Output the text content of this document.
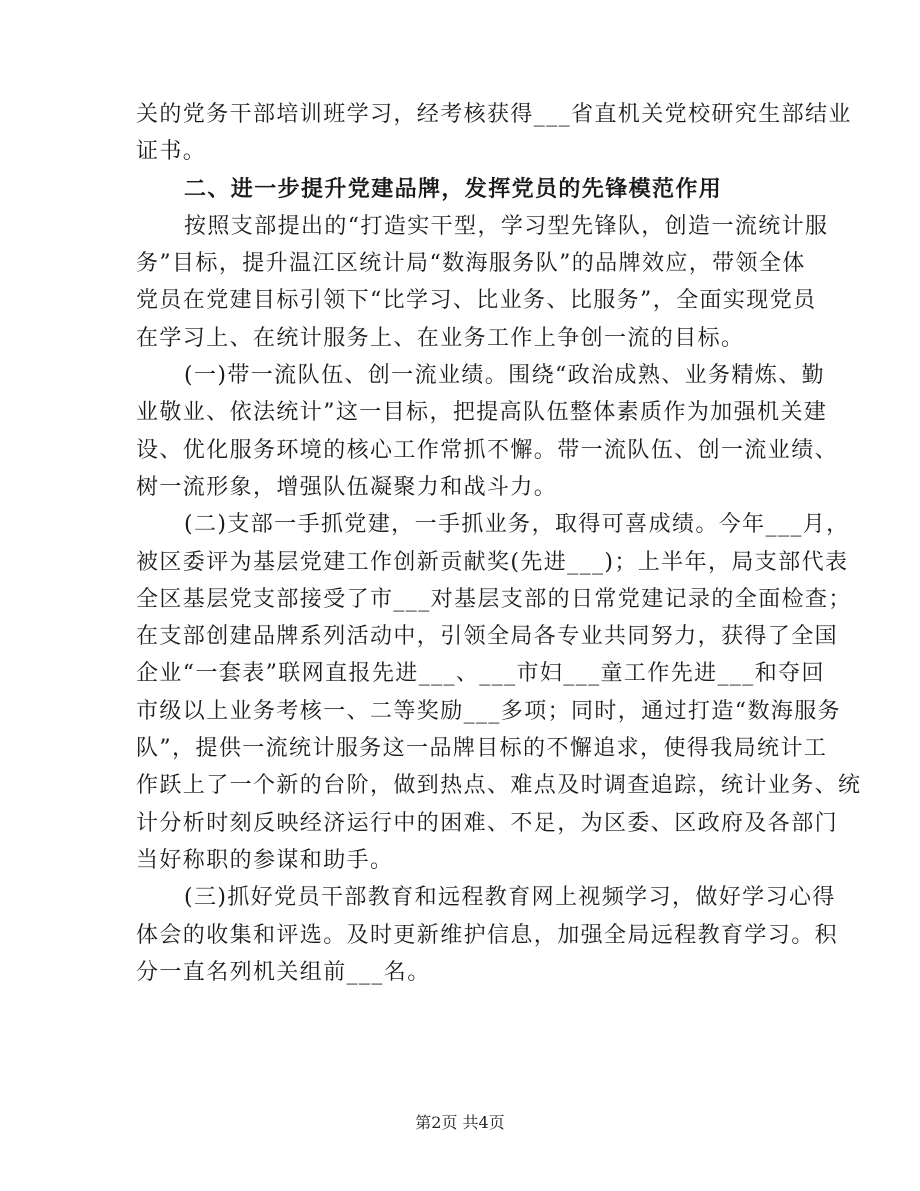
关的党务干部培训班学习，经考核获得___省直机关党校研究生部结业
证书。
二、进一步提升党建品牌，发挥党员的先锋模范作用
按照支部提出的“打造实干型，学习型先锋队，创造一流统计服
务”目标，提升温江区统计局“数海服务队”的品牌效应，带领全体
党员在党建目标引领下“比学习、比业务、比服务”，全面实现党员
在学习上、在统计服务上、在业务工作上争创一流的目标。
(一)带一流队伍、创一流业绩。围绕“政治成熟、业务精炼、勤
业敬业、依法统计”这一目标，把提高队伍整体素质作为加强机关建
设、优化服务环境的核心工作常抓不懈。带一流队伍、创一流业绩、
树一流形象，增强队伍凝聚力和战斗力。
(二)支部一手抓党建，一手抓业务，取得可喜成绩。今年___月，
被区委评为基层党建工作创新贡献奖(先进___)；上半年，局支部代表
全区基层党支部接受了市___对基层支部的日常党建记录的全面检查；
在支部创建品牌系列活动中，引领全局各专业共同努力，获得了全国
企业“一套表”联网直报先进___、___市妇___童工作先进___和夺回
市级以上业务考核一、二等奖励___多项；同时，通过打造“数海服务
队”，提供一流统计服务这一品牌目标的不懈追求，使得我局统计工
作跃上了一个新的台阶，做到热点、难点及时调查追踪，统计业务、统
计分析时刻反映经济运行中的困难、不足，为区委、区政府及各部门
当好称职的参谋和助手。
(三)抓好党员干部教育和远程教育网上视频学习，做好学习心得
体会的收集和评选。及时更新维护信息，加强全局远程教育学习。积
分一直名列机关组前___名。
第2页 共4页
